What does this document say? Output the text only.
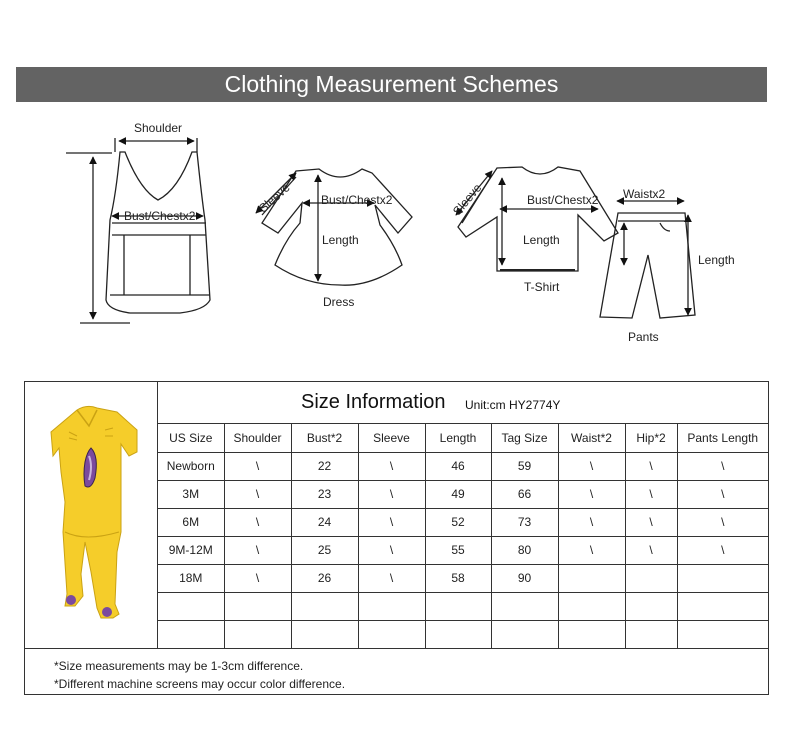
Clothing Measurement Schemes
Shoulder
Bust/Chestx2
Sleeve Bust/Chestx2
Length
Dress
Sleeve	Bust/Chestx2
Length
T-Shirt
Waistx2
Length
Pants
Size Information Unit:cm HY2774Y
US Size	Shoulder	Bust*2	Sleeve	Length	Tag Size	Waist*2	Hip*2	Pants Length
Newborn	\	22	\	46	59	\	\	\
3M	\	23	\	49	66	\	\	\
6M	\	24	\	52	73	\	\	\
9M-12M	\	25	\	55	80	\	\	\
18M	\	26	\	58	90			

*Size measurements may be 1-3cm difference.
*Different machine screens may occur color difference.
